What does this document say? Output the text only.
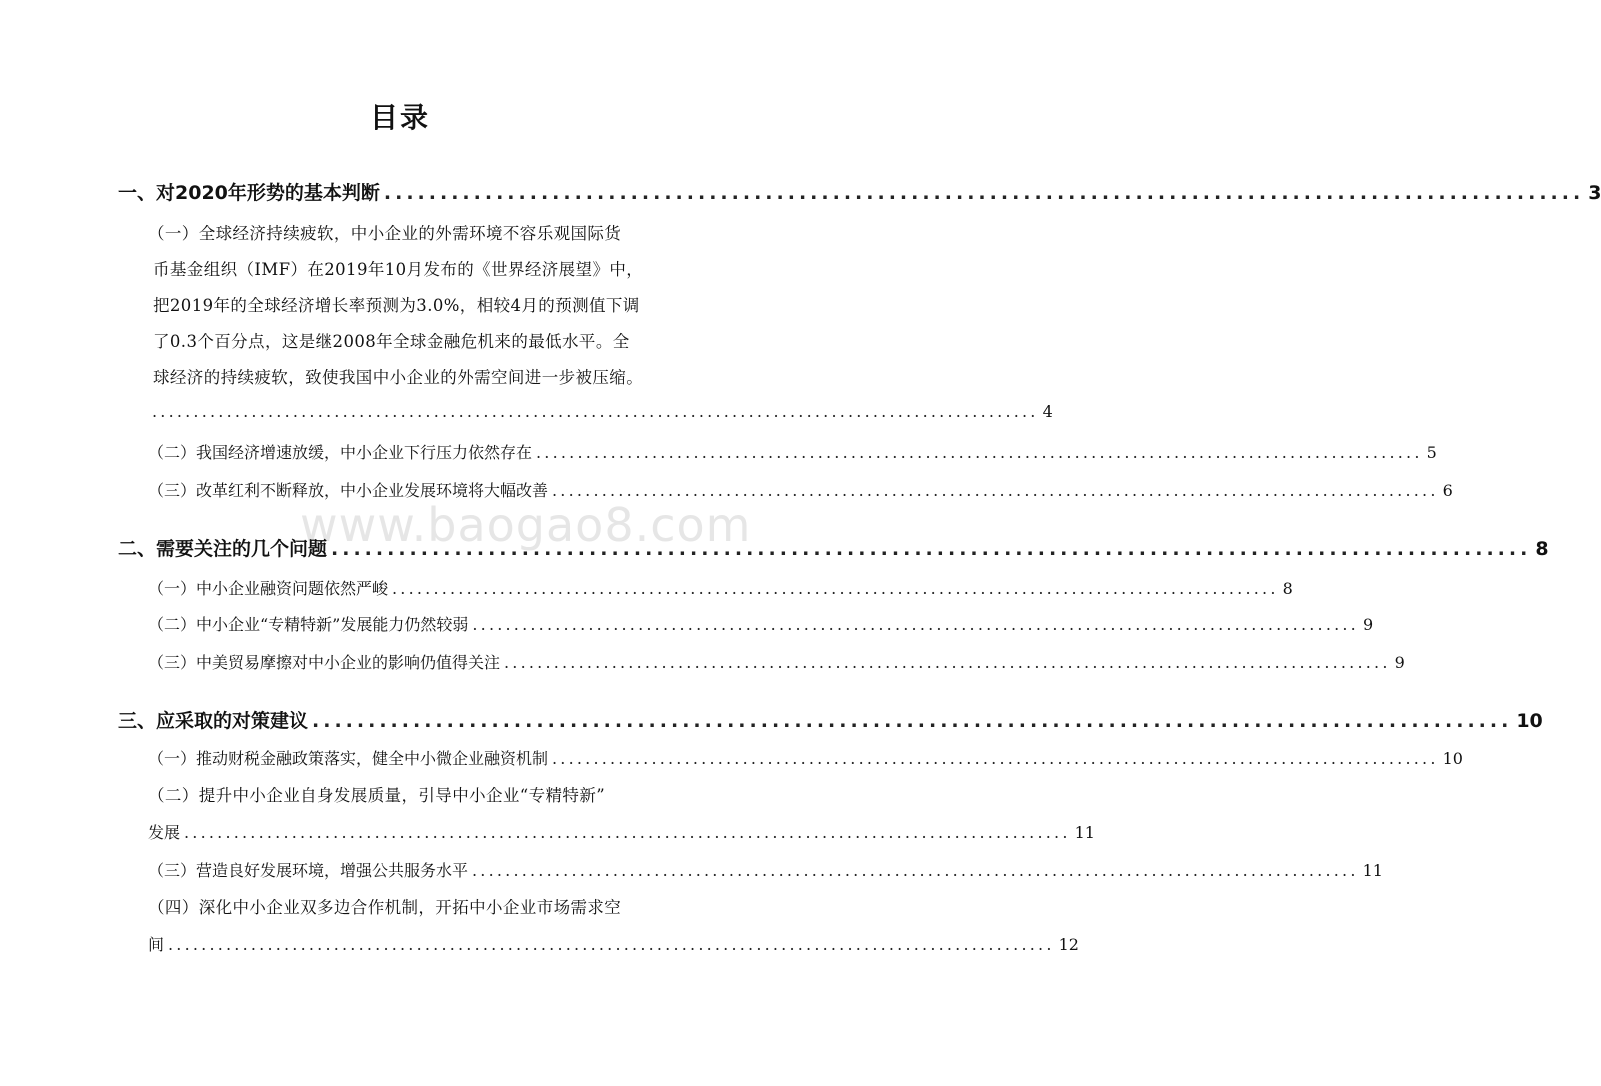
目录
www.baogao8.com
一、对2020年形势的基本判断 ........................................................................................................... 3
（一）全球经济持续疲软，中小企业的外需环境不容乐观国际货
币基金组织（IMF）在2019年10月发布的《世界经济展望》中，
把2019年的全球经济增长率预测为3.0%，相较4月的预测值下调
了0.3个百分点，这是继2008年全球金融危机来的最低水平。全
球经济的持续疲软，致使我国中小企业的外需空间进一步被压缩。
........................................................................................................... 4
（二）我国经济增速放缓，中小企业下行压力依然存在 ........................................................................................................... 5
（三）改革红利不断释放，中小企业发展环境将大幅改善 ........................................................................................................... 6
二、需要关注的几个问题 ........................................................................................................... 8
（一）中小企业融资问题依然严峻 ........................................................................................................... 8
（二）中小企业“专精特新”发展能力仍然较弱 ........................................................................................................... 9
（三）中美贸易摩擦对中小企业的影响仍值得关注 ........................................................................................................... 9
三、应采取的对策建议 ........................................................................................................... 10
（一）推动财税金融政策落实，健全中小微企业融资机制 ........................................................................................................... 10
（二）提升中小企业自身发展质量，引导中小企业“专精特新”
发展 ........................................................................................................... 11
（三）营造良好发展环境，增强公共服务水平 ........................................................................................................... 11
（四）深化中小企业双多边合作机制，开拓中小企业市场需求空
间 ........................................................................................................... 12
